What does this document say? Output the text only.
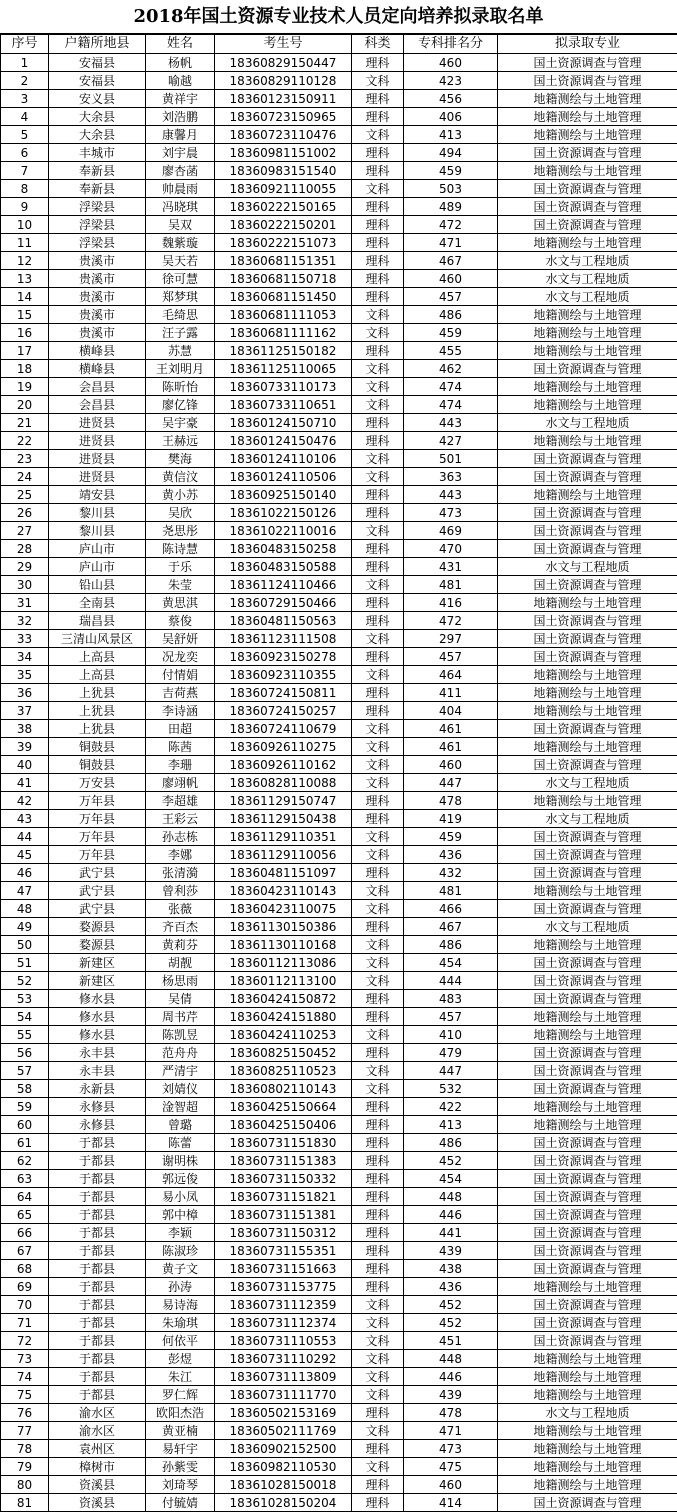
2018年国土资源专业技术人员定向培养拟录取名单
序号	户籍所地县	姓名	考生号	科类	专科排名分	拟录取专业
1	安福县	杨帆	18360829150447	理科	460	国土资源调查与管理
2	安福县	喻越	18360829110128	文科	423	国土资源调查与管理
3	安义县	黄祥宇	18360123150911	理科	456	地籍测绘与土地管理
4	大余县	刘浩鹏	18360723150965	理科	406	地籍测绘与土地管理
5	大余县	康馨月	18360723110476	文科	413	地籍测绘与土地管理
6	丰城市	刘宇晨	18360981151002	理科	494	国土资源调查与管理
7	奉新县	廖杏菡	18360983151540	理科	459	地籍测绘与土地管理
8	奉新县	帅晨雨	18360921110055	文科	503	国土资源调查与管理
9	浮梁县	冯晓琪	18360222150165	理科	489	国土资源调查与管理
10	浮梁县	吴双	18360222150201	理科	472	国土资源调查与管理
11	浮梁县	魏紫璇	18360222151073	理科	471	地籍测绘与土地管理
12	贵溪市	吴天若	18360681151351	理科	467	水文与工程地质
13	贵溪市	徐可慧	18360681150718	理科	460	水文与工程地质
14	贵溪市	郑梦琪	18360681151450	理科	457	水文与工程地质
15	贵溪市	毛绮思	18360681111053	文科	486	地籍测绘与土地管理
16	贵溪市	汪子露	18360681111162	文科	459	地籍测绘与土地管理
17	横峰县	苏慧	18361125150182	理科	455	地籍测绘与土地管理
18	横峰县	王刘明月	18361125110065	文科	462	国土资源调查与管理
19	会昌县	陈昕怡	18360733110173	文科	474	地籍测绘与土地管理
20	会昌县	廖亿锋	18360733110651	文科	474	地籍测绘与土地管理
21	进贤县	吴宇豪	18360124150710	理科	443	水文与工程地质
22	进贤县	王赫远	18360124150476	理科	427	地籍测绘与土地管理
23	进贤县	樊海	18360124110106	文科	501	国土资源调查与管理
24	进贤县	黄信汶	18360124110506	文科	363	国土资源调查与管理
25	靖安县	黄小苏	18360925150140	理科	443	地籍测绘与土地管理
26	黎川县	吴欣	18361022150126	理科	473	国土资源调查与管理
27	黎川县	尧思彤	18361022110016	文科	469	国土资源调查与管理
28	庐山市	陈诗慧	18360483150258	理科	470	国土资源调查与管理
29	庐山市	于乐	18360483150588	理科	431	水文与工程地质
30	铅山县	朱莹	18361124110466	文科	481	国土资源调查与管理
31	全南县	黄思淇	18360729150466	理科	416	地籍测绘与土地管理
32	瑞昌县	蔡俊	18360481150563	理科	472	国土资源调查与管理
33	三清山风景区	吴舒妍	18361123111508	文科	297	国土资源调查与管理
34	上高县	况龙奕	18360923150278	理科	457	国土资源调查与管理
35	上高县	付情娟	18360923110355	文科	464	地籍测绘与土地管理
36	上犹县	吉荷燕	18360724150811	理科	411	地籍测绘与土地管理
37	上犹县	李诗涵	18360724150257	理科	404	地籍测绘与土地管理
38	上犹县	田超	18360724110679	文科	461	国土资源调查与管理
39	铜鼓县	陈茜	18360926110275	文科	461	地籍测绘与土地管理
40	铜鼓县	李珊	18360926110162	文科	460	国土资源调查与管理
41	万安县	廖翊帆	18360828110088	文科	447	水文与工程地质
42	万年县	李超雄	18361129150747	理科	478	地籍测绘与土地管理
43	万年县	王彩云	18361129150438	理科	419	水文与工程地质
44	万年县	孙志栋	18361129110351	文科	459	国土资源调查与管理
45	万年县	李娜	18361129110056	文科	436	国土资源调查与管理
46	武宁县	张清漪	18360481151097	理科	432	国土资源调查与管理
47	武宁县	曾利莎	18360423110143	文科	481	地籍测绘与土地管理
48	武宁县	张薇	18360423110075	文科	466	国土资源调查与管理
49	婺源县	齐百杰	18361130150386	理科	467	水文与工程地质
50	婺源县	黄莉芬	18361130110168	文科	486	地籍测绘与土地管理
51	新建区	胡靓	18360112113086	文科	454	国土资源调查与管理
52	新建区	杨思雨	18360112113100	文科	444	国土资源调查与管理
53	修水县	吴倩	18360424150872	理科	483	国土资源调查与管理
54	修水县	周书芹	18360424151880	理科	457	地籍测绘与土地管理
55	修水县	陈凯昱	18360424110253	文科	410	地籍测绘与土地管理
56	永丰县	范舟舟	18360825150452	理科	479	国土资源调查与管理
57	永丰县	严清宇	18360825110523	文科	447	国土资源调查与管理
58	永新县	刘婧仪	18360802110143	文科	532	国土资源调查与管理
59	永修县	淦智超	18360425150664	理科	422	地籍测绘与土地管理
60	永修县	曾璐	18360425150406	理科	413	地籍测绘与土地管理
61	于都县	陈蕾	18360731151830	理科	486	国土资源调查与管理
62	于都县	谢明株	18360731151383	理科	452	国土资源调查与管理
63	于都县	郭远俊	18360731150332	理科	454	国土资源调查与管理
64	于都县	易小凤	18360731151821	理科	448	国土资源调查与管理
65	于都县	郭中樟	18360731151381	理科	446	国土资源调查与管理
66	于都县	李颖	18360731150312	理科	441	国土资源调查与管理
67	于都县	陈淑珍	18360731155351	理科	439	国土资源调查与管理
68	于都县	黄子文	18360731151663	理科	438	国土资源调查与管理
69	于都县	孙涛	18360731153775	理科	436	地籍测绘与土地管理
70	于都县	易诗海	18360731112359	文科	452	国土资源调查与管理
71	于都县	朱瑜琪	18360731112374	文科	452	国土资源调查与管理
72	于都县	何依平	18360731110553	文科	451	国土资源调查与管理
73	于都县	彭煜	18360731110292	文科	448	地籍测绘与土地管理
74	于都县	朱江	18360731113809	文科	446	地籍测绘与土地管理
75	于都县	罗仁辉	18360731111770	文科	439	地籍测绘与土地管理
76	渝水区	欧阳杰浩	18360502153169	理科	478	水文与工程地质
77	渝水区	黄亚楠	18360502111769	文科	471	地籍测绘与土地管理
78	袁州区	易轩宇	18360902152500	理科	473	地籍测绘与土地管理
79	樟树市	孙紫雯	18360982110530	文科	475	地籍测绘与土地管理
80	资溪县	刘琦琴	18361028150018	理科	460	地籍测绘与土地管理
81	资溪县	付毓婧	18361028150204	理科	414	国土资源调查与管理
